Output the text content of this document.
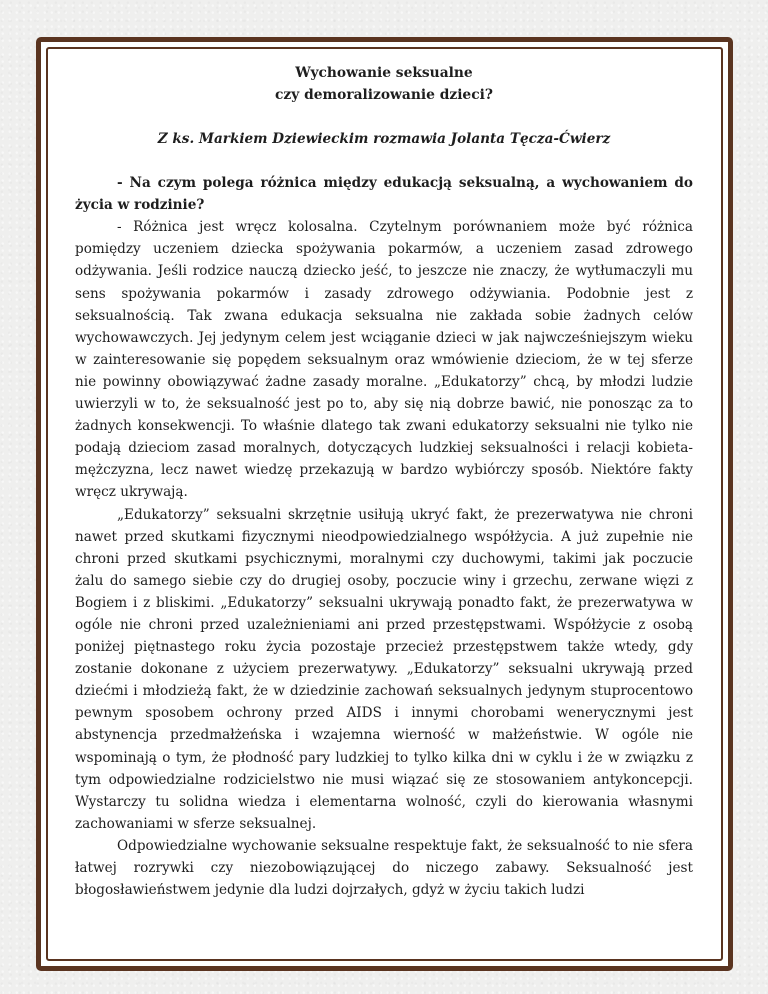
Wychowanie seksualne
czy demoralizowanie dzieci?

Z ks. Markiem Dziewieckim rozmawia Jolanta Tęcza-Ćwierz

- Na czym polega różnica między edukacją seksualną, a wychowaniem do życia w rodzinie?

- Różnica jest wręcz kolosalna. Czytelnym porównaniem może być różnica pomiędzy uczeniem dziecka spożywania pokarmów, a uczeniem zasad zdrowego odżywania. Jeśli rodzice nauczą dziecko jeść, to jeszcze nie znaczy, że wytłumaczyli mu sens spożywania pokarmów i zasady zdrowego odżywiania. Podobnie jest z seksualnością. Tak zwana edukacja seksualna nie zakłada sobie żadnych celów wychowawczych. Jej jedynym celem jest wciąganie dzieci w jak najwcześniejszym wieku w zainteresowanie się popędem seksualnym oraz wmówienie dzieciom, że w tej sferze nie powinny obowiązywać żadne zasady moralne. „Edukatorzy” chcą, by młodzi ludzie uwierzyli w to, że seksualność jest po to, aby się nią dobrze bawić, nie ponosząc za to żadnych konsekwencji. To właśnie dlatego tak zwani edukatorzy seksualni nie tylko nie podają dzieciom zasad moralnych, dotyczących ludzkiej seksualności i relacji kobieta-mężczyzna, lecz nawet wiedzę przekazują w bardzo wybiórczy sposób. Niektóre fakty wręcz ukrywają.

„Edukatorzy” seksualni skrzętnie usiłują ukryć fakt, że prezerwatywa nie chroni nawet przed skutkami fizycznymi nieodpowiedzialnego współżycia. A już zupełnie nie chroni przed skutkami psychicznymi, moralnymi czy duchowymi, takimi jak poczucie żalu do samego siebie czy do drugiej osoby, poczucie winy i grzechu, zerwane więzi z Bogiem i z bliskimi. „Edukatorzy” seksualni ukrywają ponadto fakt, że prezerwatywa w ogóle nie chroni przed uzależnieniami ani przed przestępstwami. Współżycie z osobą poniżej piętnastego roku życia pozostaje przecież przestępstwem także wtedy, gdy zostanie dokonane z użyciem prezerwatywy. „Edukatorzy” seksualni ukrywają przed dziećmi i młodzieżą fakt, że w dziedzinie zachowań seksualnych jedynym stuprocentowo pewnym sposobem ochrony przed AIDS i innymi chorobami wenerycznymi jest abstynencja przedmałżeńska i wzajemna wierność w małżeństwie. W ogóle nie wspominają o tym, że płodność pary ludzkiej to tylko kilka dni w cyklu i że w związku z tym odpowiedzialne rodzicielstwo nie musi wiązać się ze stosowaniem antykoncepcji. Wystarczy tu solidna wiedza i elementarna wolność, czyli do kierowania własnymi zachowaniami w sferze seksualnej.

Odpowiedzialne wychowanie seksualne respektuje fakt, że seksualność to nie sfera łatwej rozrywki czy niezobowiązującej do niczego zabawy. Seksualność jest błogosławieństwem jedynie dla ludzi dojrzałych, gdyż w życiu takich ludzi
